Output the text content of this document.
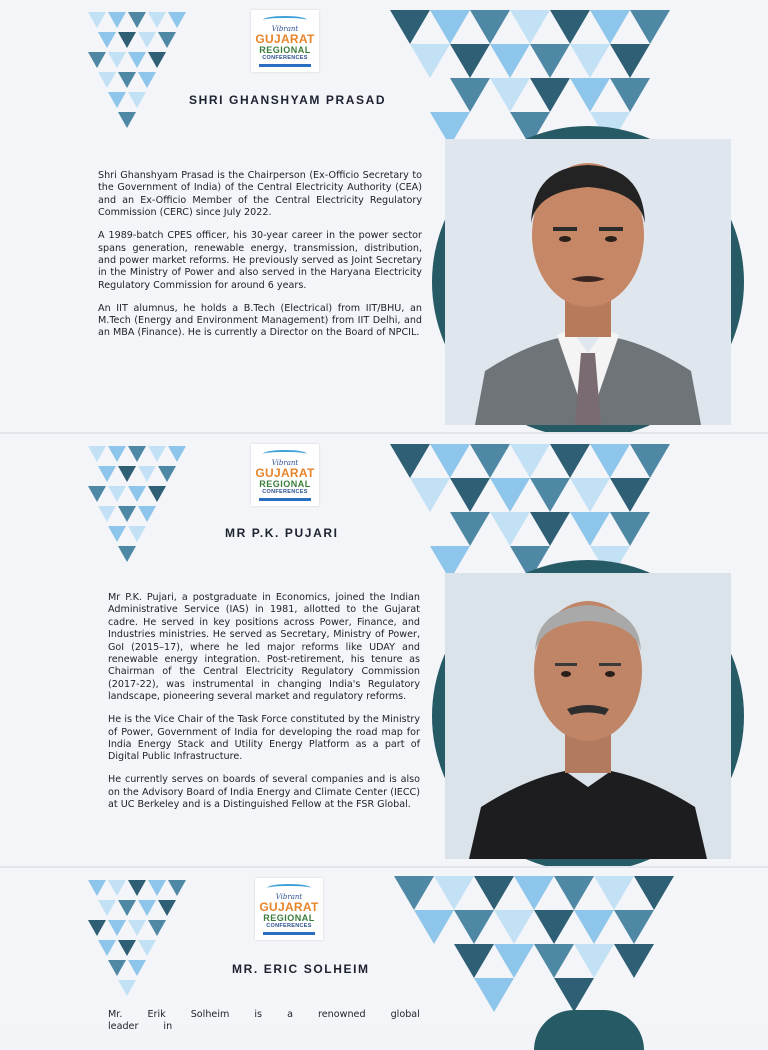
Vibrant
GUJARAT
REGIONAL
CONFERENCES
SHRI GHANSHYAM PRASAD

Shri Ghanshyam Prasad is the Chairperson (Ex-Officio Secretary to the Government of India) of the Central Electricity Authority (CEA) and an Ex-Officio Member of the Central Electricity Regulatory Commission (CERC) since July 2022.

A 1989-batch CPES officer, his 30-year career in the power sector spans generation, renewable energy, transmission, distribution, and power market reforms. He previously served as Joint Secretary in the Ministry of Power and also served in the Haryana Electricity Regulatory Commission for around 6 years.

An IIT alumnus, he holds a B.Tech (Electrical) from IIT/BHU, an M.Tech (Energy and Environment Management) from IIT Delhi, and an MBA (Finance). He is currently a Director on the Board of NPCIL.

Vibrant
GUJARAT
REGIONAL
CONFERENCES
MR P.K. PUJARI

Mr P.K. Pujari, a postgraduate in Economics, joined the Indian Administrative Service (IAS) in 1981, allotted to the Gujarat cadre. He served in key positions across Power, Finance, and Industries ministries. He served as Secretary, Ministry of Power, GoI (2015–17), where he led major reforms like UDAY and renewable energy integration. Post-retirement, his tenure as Chairman of the Central Electricity Regulatory Commission (2017-22), was instrumental in changing India's Regulatory landscape, pioneering several market and regulatory reforms.

He is the Vice Chair of the Task Force constituted by the Ministry of Power, Government of India for developing the road map for India Energy Stack and Utility Energy Platform as a part of Digital Public Infrastructure.

He currently serves on boards of several companies and is also on the Advisory Board of India Energy and Climate Center (IECC) at UC Berkeley and is a Distinguished Fellow at the FSR Global.

Vibrant
GUJARAT
REGIONAL
CONFERENCES
MR. ERIC SOLHEIM

Mr. Erik Solheim is a renowned global leader in
